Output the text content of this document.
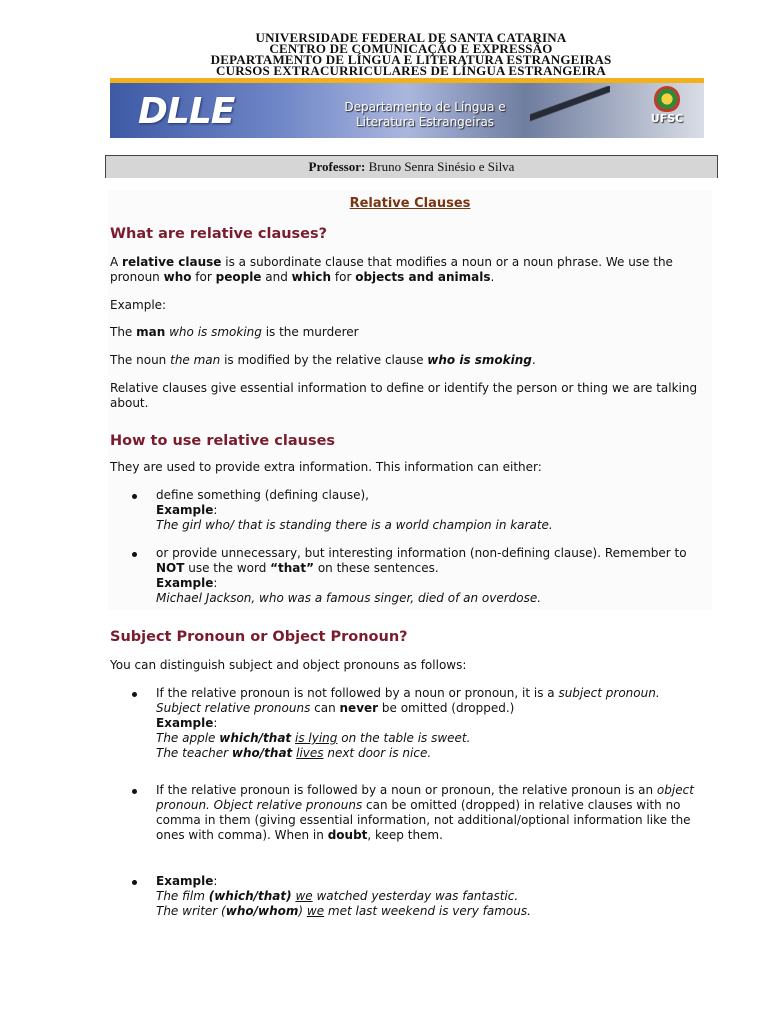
UNIVERSIDADE FEDERAL DE SANTA CATARINA
CENTRO DE COMUNICAÇÃO E EXPRESSÃO
DEPARTAMENTO DE LÍNGUA E LITERATURA ESTRANGEIRAS
CURSOS EXTRACURRICULARES DE LÍNGUA ESTRANGEIRA
DLLE	Departamento de Língua e
Literatura Estrangeiras	UFSC
Professor: Bruno Senra Sinésio e Silva
Relative Clauses
What are relative clauses?

A relative clause is a subordinate clause that modifies a noun or a noun phrase. We use the pronoun who for people and which for objects and animals.

Example:

The man who is smoking is the murderer

The noun the man is modified by the relative clause who is smoking.

Relative clauses give essential information to define or identify the person or thing we are talking about.

How to use relative clauses

They are used to provide extra information. This information can either:

define something (defining clause),
Example:
The girl who/ that is standing there is a world champion in karate.
or provide unnecessary, but interesting information (non-defining clause). Remember to NOT use the word “that” on these sentences.
Example:
Michael Jackson, who was a famous singer, died of an overdose.
Subject Pronoun or Object Pronoun?

You can distinguish subject and object pronouns as follows:

If the relative pronoun is not followed by a noun or pronoun, it is a subject pronoun. Subject relative pronouns can never be omitted (dropped.)
Example:
The apple which/that is lying on the table is sweet.
The teacher who/that lives next door is nice.
If the relative pronoun is followed by a noun or pronoun, the relative pronoun is an object pronoun. Object relative pronouns can be omitted (dropped) in relative clauses with no comma in them (giving essential information, not additional/optional information like the ones with comma). When in doubt, keep them.
Example:
The film (which/that) we watched yesterday was fantastic.
The writer (who/whom) we met last weekend is very famous.
